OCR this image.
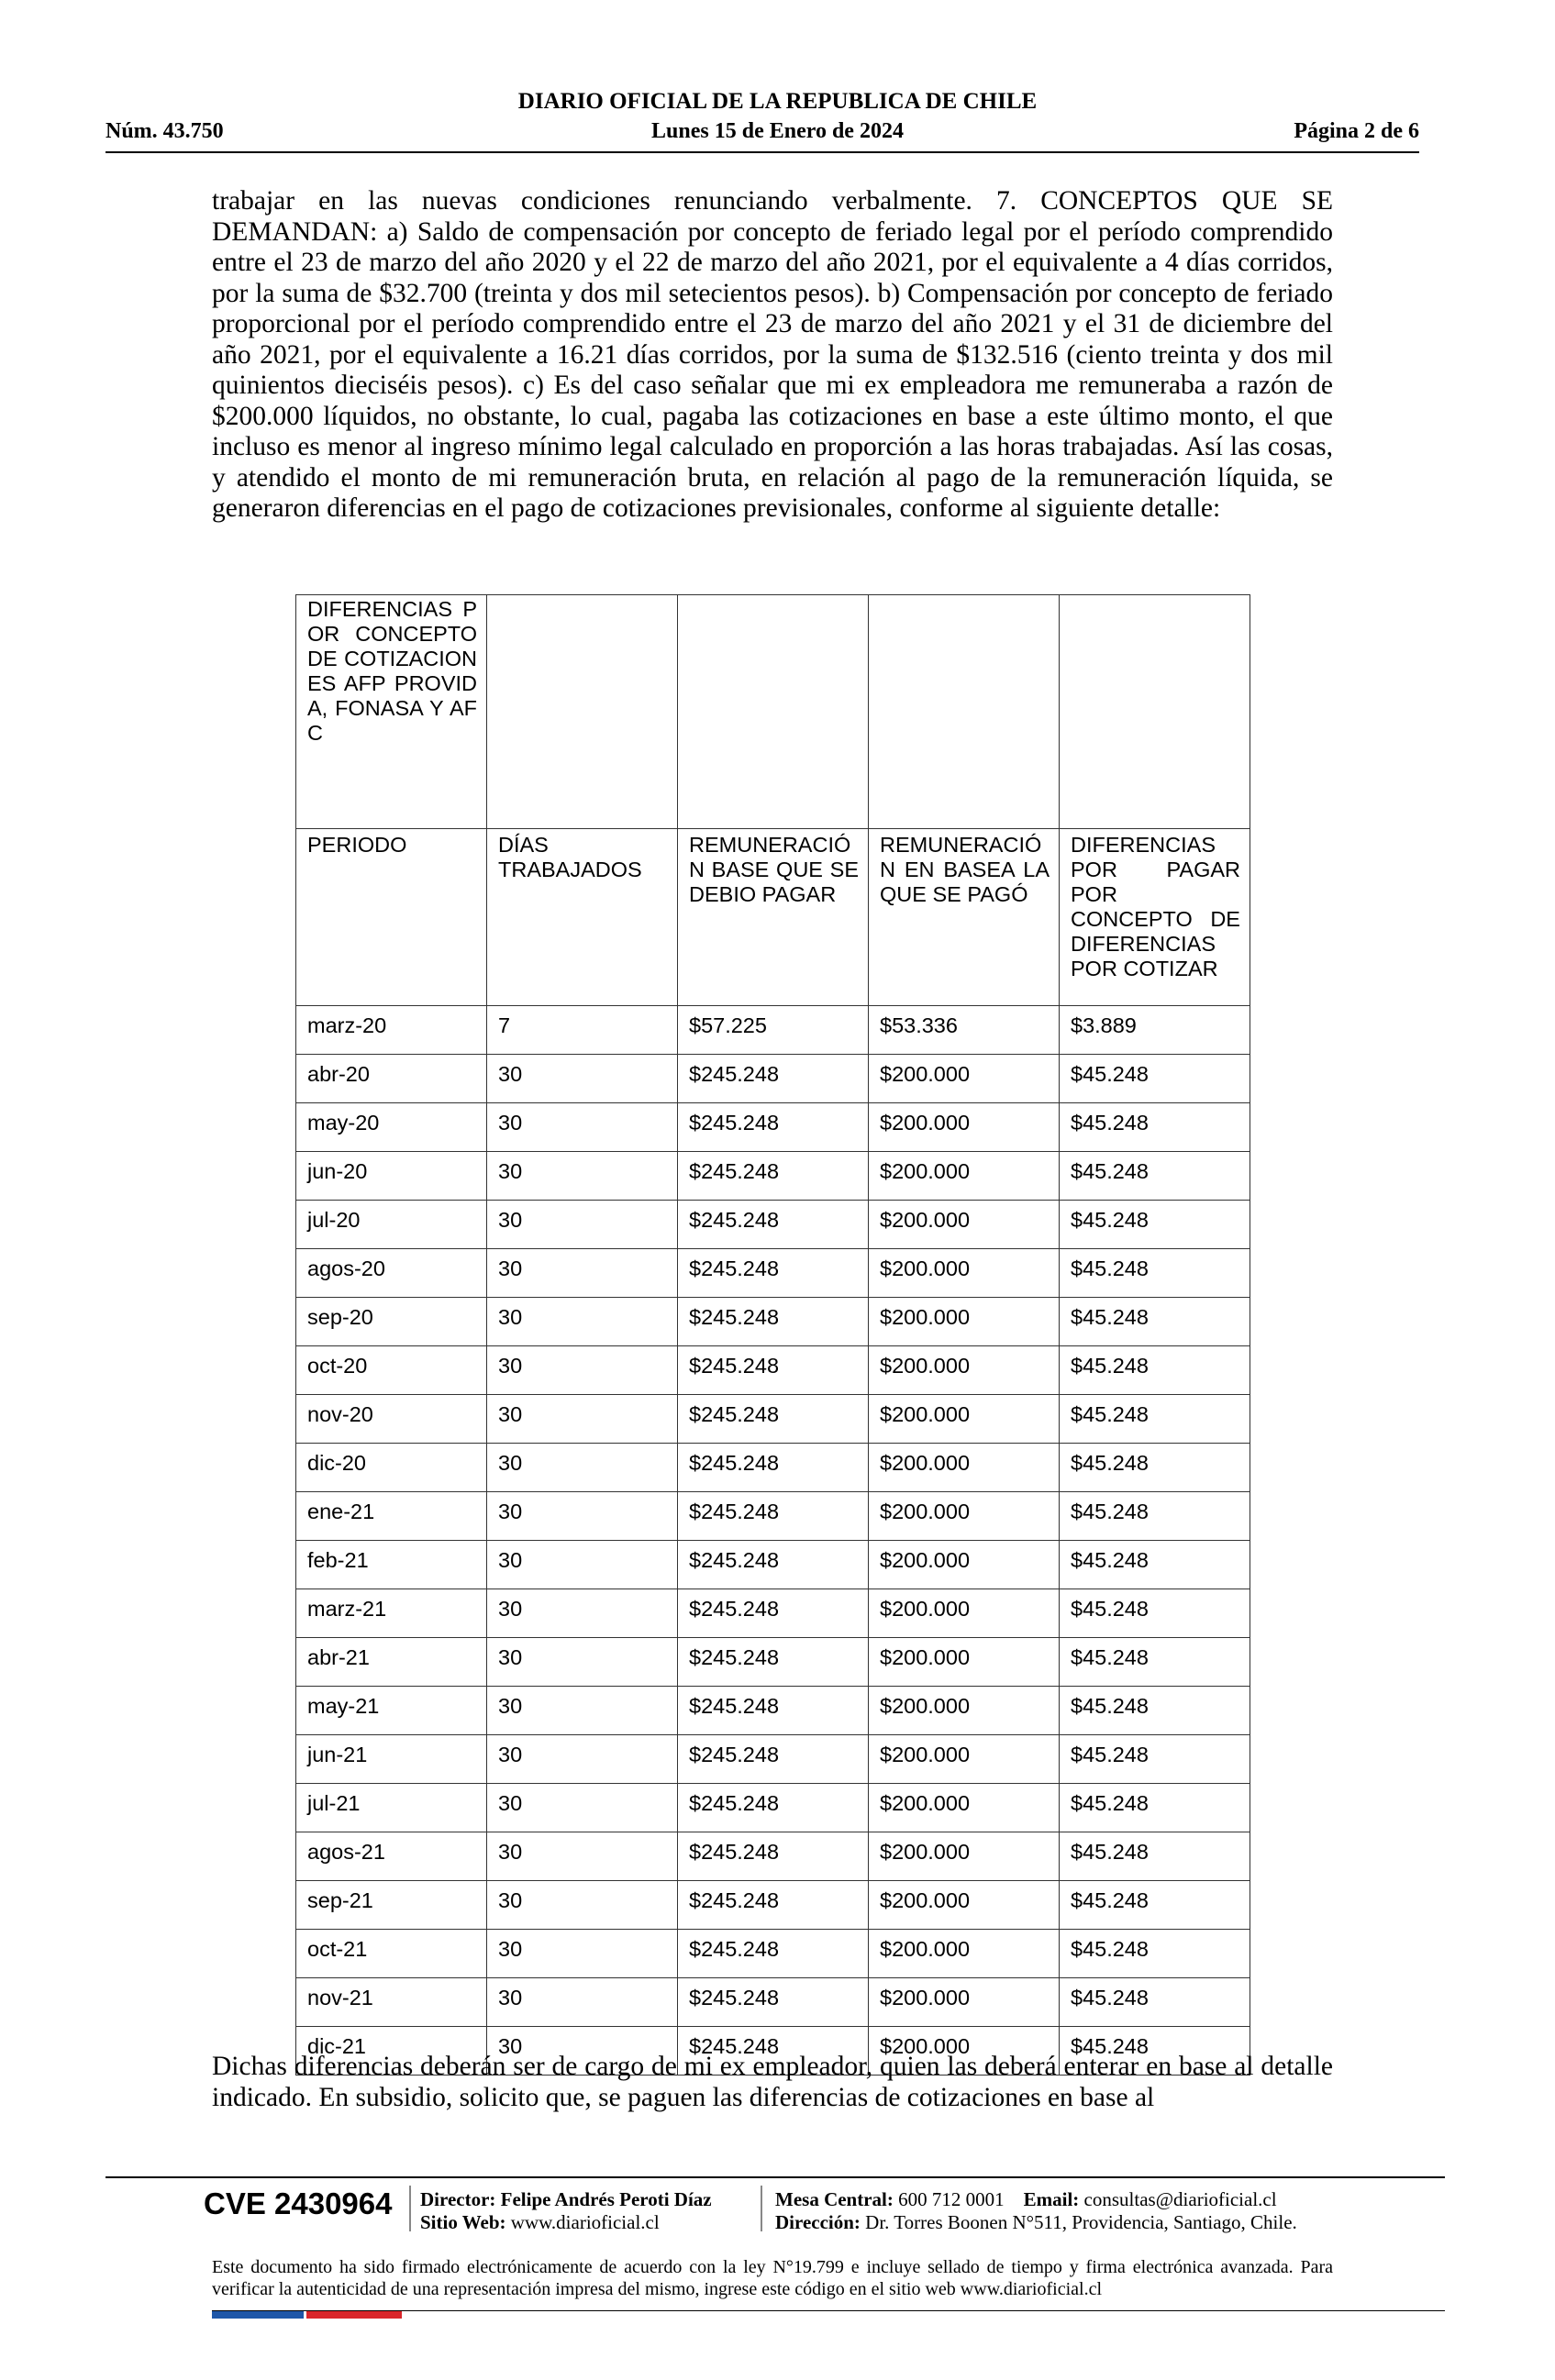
DIARIO OFICIAL DE LA REPUBLICA DE CHILE
Núm. 43.750	Lunes 15 de Enero de 2024	Página 2 de 6
trabajar en las nuevas condiciones renunciando verbalmente. 7. CONCEPTOS QUE SE DEMANDAN: a) Saldo de compensación por concepto de feriado legal por el período comprendido entre el 23 de marzo del año 2020 y el 22 de marzo del año 2021, por el equivalente a 4 días corridos, por la suma de $32.700 (treinta y dos mil setecientos pesos). b) Compensación por concepto de feriado proporcional por el período comprendido entre el 23 de marzo del año 2021 y el 31 de diciembre del año 2021, por el equivalente a 16.21 días corridos, por la suma de $132.516 (ciento treinta y dos mil quinientos dieciséis pesos). c) Es del caso señalar que mi ex empleadora me remuneraba a razón de $200.000 líquidos, no obstante, lo cual, pagaba las cotizaciones en base a este último monto, el que incluso es menor al ingreso mínimo legal calculado en proporción a las horas trabajadas. Así las cosas, y atendido el monto de mi remuneración bruta, en relación al pago de la remuneración líquida, se generaron diferencias en el pago de cotizaciones previsionales, conforme al siguiente detalle:
DIFERENCIAS POR CONCEPTO DE COTIZACIONES AFP PROVIDA, FONASA Y AFC				
PERIODO	DÍAS TRABAJADOS	REMUNERACIÓN BASE QUE SE DEBIO PAGAR	REMUNERACIÓN EN BASEA LA QUE SE PAGÓ	DIFERENCIAS POR PAGAR POR CONCEPTO DE DIFERENCIAS POR COTIZAR
marz-20	7	$57.225	$53.336	$3.889
abr-20	30	$245.248	$200.000	$45.248
may-20	30	$245.248	$200.000	$45.248
jun-20	30	$245.248	$200.000	$45.248
jul-20	30	$245.248	$200.000	$45.248
agos-20	30	$245.248	$200.000	$45.248
sep-20	30	$245.248	$200.000	$45.248
oct-20	30	$245.248	$200.000	$45.248
nov-20	30	$245.248	$200.000	$45.248
dic-20	30	$245.248	$200.000	$45.248
ene-21	30	$245.248	$200.000	$45.248
feb-21	30	$245.248	$200.000	$45.248
marz-21	30	$245.248	$200.000	$45.248
abr-21	30	$245.248	$200.000	$45.248
may-21	30	$245.248	$200.000	$45.248
jun-21	30	$245.248	$200.000	$45.248
jul-21	30	$245.248	$200.000	$45.248
agos-21	30	$245.248	$200.000	$45.248
sep-21	30	$245.248	$200.000	$45.248
oct-21	30	$245.248	$200.000	$45.248
nov-21	30	$245.248	$200.000	$45.248
dic-21	30	$245.248	$200.000	$45.248
Dichas diferencias deberán ser de cargo de mi ex empleador, quien las deberá enterar en base al detalle indicado. En subsidio, solicito que, se paguen las diferencias de cotizaciones en base al
CVE 2430964 Director: Felipe Andrés Peroti Díaz
Sitio Web: www.diarioficial.cl
Mesa Central: 600 712 0001 Email: consultas@diarioficial.cl
Dirección: Dr. Torres Boonen N°511, Providencia, Santiago, Chile.
Este documento ha sido firmado electrónicamente de acuerdo con la ley N°19.799 e incluye sellado de tiempo y firma electrónica avanzada. Para verificar la autenticidad de una representación impresa del mismo, ingrese este código en el sitio web www.diarioficial.cl
